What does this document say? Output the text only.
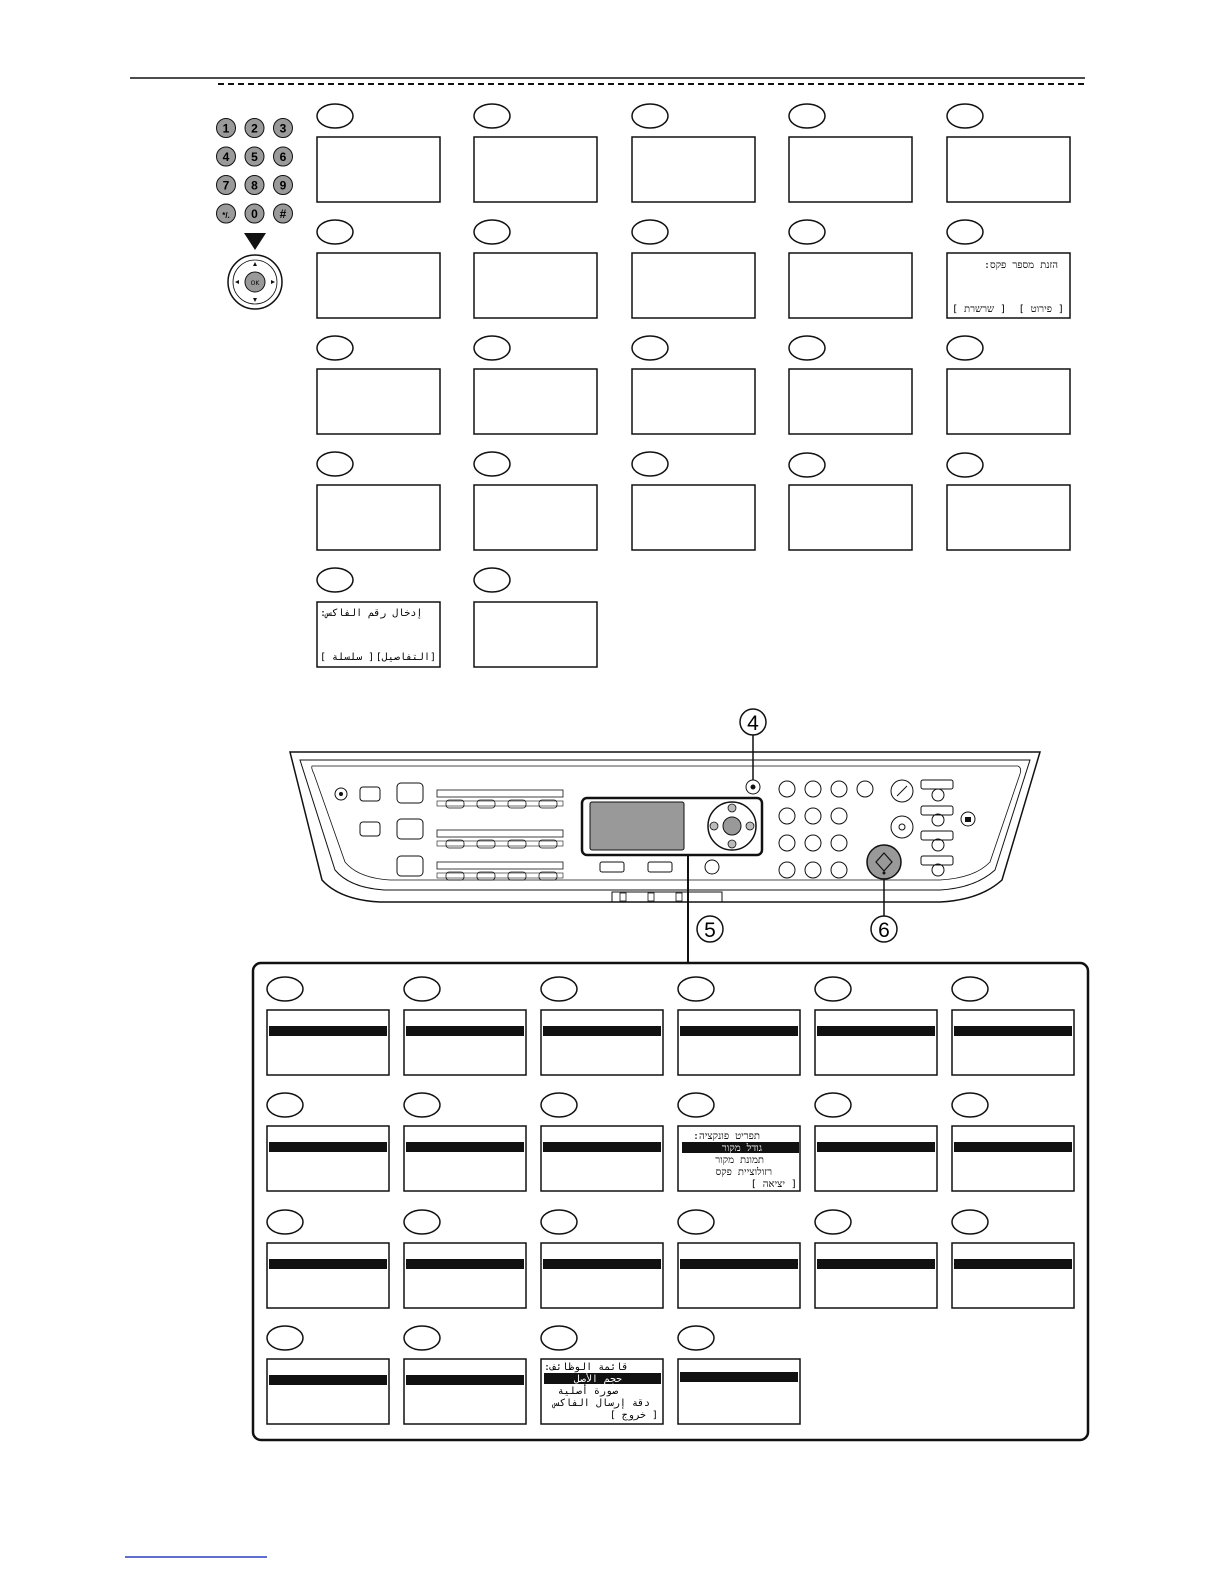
1 2 3
4 5 6
7 8 9
*/. 0 #
OK
:הזנת מספר פקס
[ שרשרת ] [ פירוט ]
:إدخال رقم الفاكس
[ سلسلة ] [التفاصيل]
4
5	6
:תפריט פונקציה
גודל מקור
תמונת מקור
רזולוציית פקס
[ יציאה ]
:قائمة الوظائف
حجم الأصل
صورة أصلية
دقة إرسال الفاكس
[ خروج ]
